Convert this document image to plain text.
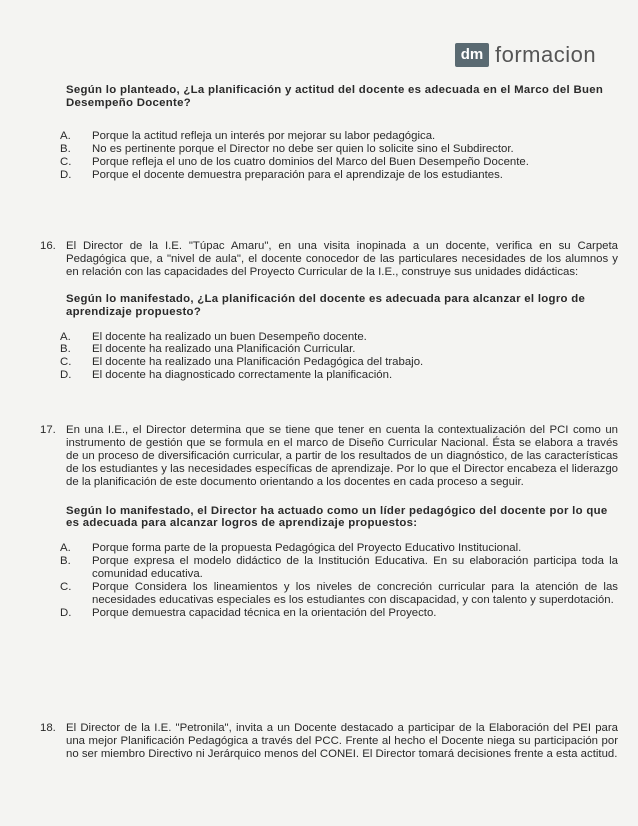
dm formacion

Según lo planteado, ¿La planificación y actitud del docente es adecuada en el Marco del Buen Desempeño Docente?

A.	Porque la actitud refleja un interés por mejorar su labor pedagógica.
B.	No es pertinente porque el Director no debe ser quien lo solicite sino el Subdirector.
C.	Porque refleja el uno de los cuatro dominios del Marco del Buen Desempeño Docente.
D.	Porque el docente demuestra preparación para el aprendizaje de los estudiantes.
16. El Director de la I.E. "Túpac Amaru", en una visita inopinada a un docente, verifica en su Carpeta Pedagógica que, a "nivel de aula", el docente conocedor de las particulares necesidades de los alumnos y en relación con las capacidades del Proyecto Curricular de la I.E., construye sus unidades didácticas:

Según lo manifestado, ¿La planificación del docente es adecuada para alcanzar el logro de aprendizaje propuesto?

A.	El docente ha realizado un buen Desempeño docente.
B.	El docente ha realizado una Planificación Curricular.
C.	El docente ha realizado una Planificación Pedagógica del trabajo.
D.	El docente ha diagnosticado correctamente la planificación.
17. En una I.E., el Director determina que se tiene que tener en cuenta la contextualización del PCI como un instrumento de gestión que se formula en el marco de Diseño Curricular Nacional. Ésta se elabora a través de un proceso de diversificación curricular, a partir de los resultados de un diagnóstico, de las características de los estudiantes y las necesidades específicas de aprendizaje. Por lo que el Director encabeza el liderazgo de la planificación de este documento orientando a los docentes en cada proceso a seguir.

Según lo manifestado, el Director ha actuado como un líder pedagógico del docente por lo que es adecuada para alcanzar logros de aprendizaje propuestos:

A.	Porque forma parte de la propuesta Pedagógica del Proyecto Educativo Institucional.
B.	Porque expresa el modelo didáctico de la Institución Educativa. En su elaboración participa toda la comunidad educativa.
C.	Porque Considera los lineamientos y los niveles de concreción curricular para la atención de las necesidades educativas especiales es los estudiantes con discapacidad, y con talento y superdotación.
D.	Porque demuestra capacidad técnica en la orientación del Proyecto.
18. El Director de la I.E. "Petronila", invita a un Docente destacado a participar de la Elaboración del PEI para una mejor Planificación Pedagógica a través del PCC. Frente al hecho el Docente niega su participación por no ser miembro Directivo ni Jerárquico menos del CONEI. El Director tomará decisiones frente a esta actitud.
